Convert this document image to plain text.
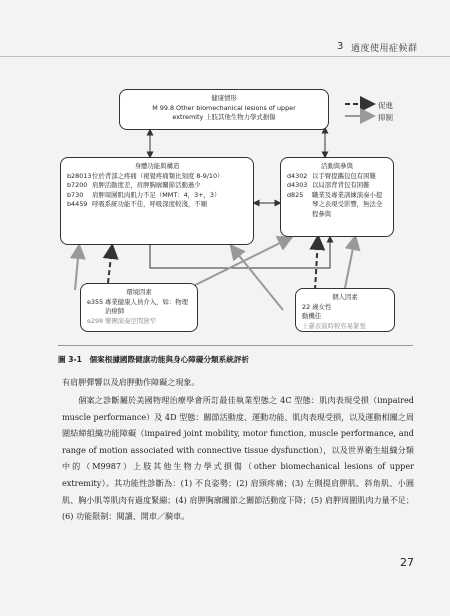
3 過度使用症候群
健康情形
M 99.8 Other biomechanical lesions of upper
extremity 上肢其他生物力學式損傷
促進
抑制
身體功能與構造
b28013 位於背部之疼痛（視覺疼痛類比刻度 8-9/10）
b7200 肩胛活動度差，肩胛胸廓關節活動過少
b730	肩胛周圍肌肉肌力不足（MMT：4，3+，3）
b4459 呼吸系統功能不佳，呼吸深度較淺，不順
活動與參與
d4302 以手臂提攜包包有困難
d4303 以局部背背包有困難
d825	職業及專業訓練演奏小提琴之表現受影響，無法全程參與
環境因素
e355 專業健康人員介入，如：物理治療師
e298 樂團演奏空間狹窄
個人因素
22 歲女性
動機佳
上臺表演時較容易緊張
圖 3-1　個案根據國際健康功能與身心障礙分類系統評析
有肩胛彈響以及肩胛動作障礙之現象。
個案之診斷屬於美國物理治療學會所訂最佳執業型態之 4C 型態：肌肉表現受損（impaired muscle performance）及 4D 型態：關節活動度、運動功能、肌肉表現受損，以及運動相關之周圍結締組織功能障礙（impaired joint mobility, motor function, muscle performance, and range of motion associated with connective tissue dysfunction），以及世界衛生組織分類中的（M9987）上肢其他生物力學式損傷（other biomechanical lesions of upper extremity）。其功能性診斷為：(1) 不良姿勢；(2) 肩頸疼痛；(3) 左側提肩胛肌、斜角肌、小圓肌、胸小肌等肌肉有過度緊繃；(4) 肩胛胸廓關節之關節活動度下降；(5) 肩胛周圍肌肉力量不足；(6) 功能限制：閱讀、開車／騎車。
27
